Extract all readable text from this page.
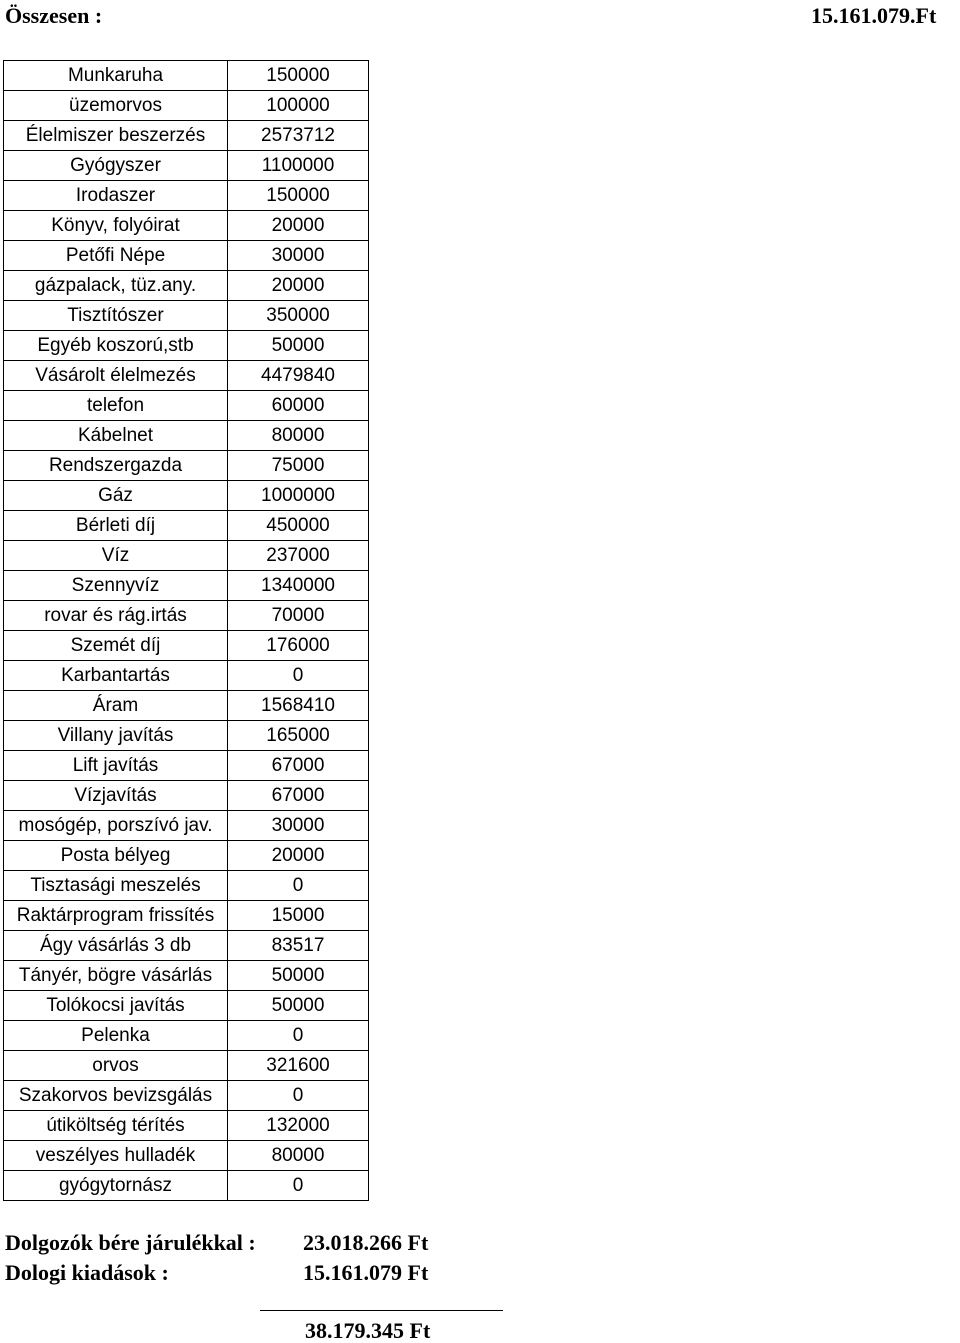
Összesen :	15.161.079.Ft
Munkaruha	150000
üzemorvos	100000
Élelmiszer beszerzés	2573712
Gyógyszer	1100000
Irodaszer	150000
Könyv, folyóirat	20000
Petőfi Népe	30000
gázpalack, tüz.any.	20000
Tisztítószer	350000
Egyéb koszorú,stb	50000
Vásárolt élelmezés	4479840
telefon	60000
Kábelnet	80000
Rendszergazda	75000
Gáz	1000000
Bérleti díj	450000
Víz	237000
Szennyvíz	1340000
rovar és rág.irtás	70000
Szemét díj	176000
Karbantartás	0
Áram	1568410
Villany javítás	165000
Lift javítás	67000
Vízjavítás	67000
mosógép, porszívó jav.	30000
Posta bélyeg	20000
Tisztasági meszelés	0
Raktárprogram frissítés	15000
Ágy vásárlás 3 db	83517
Tányér, bögre vásárlás	50000
Tolókocsi javítás	50000
Pelenka	0
orvos	321600
Szakorvos bevizsgálás	0
útiköltség térítés	132000
veszélyes hulladék	80000
gyógytornász	0
Dolgozók bére járulékkal : 23.018.266 Ft
Dologi kiadások :	15.161.079 Ft
38.179.345 Ft
